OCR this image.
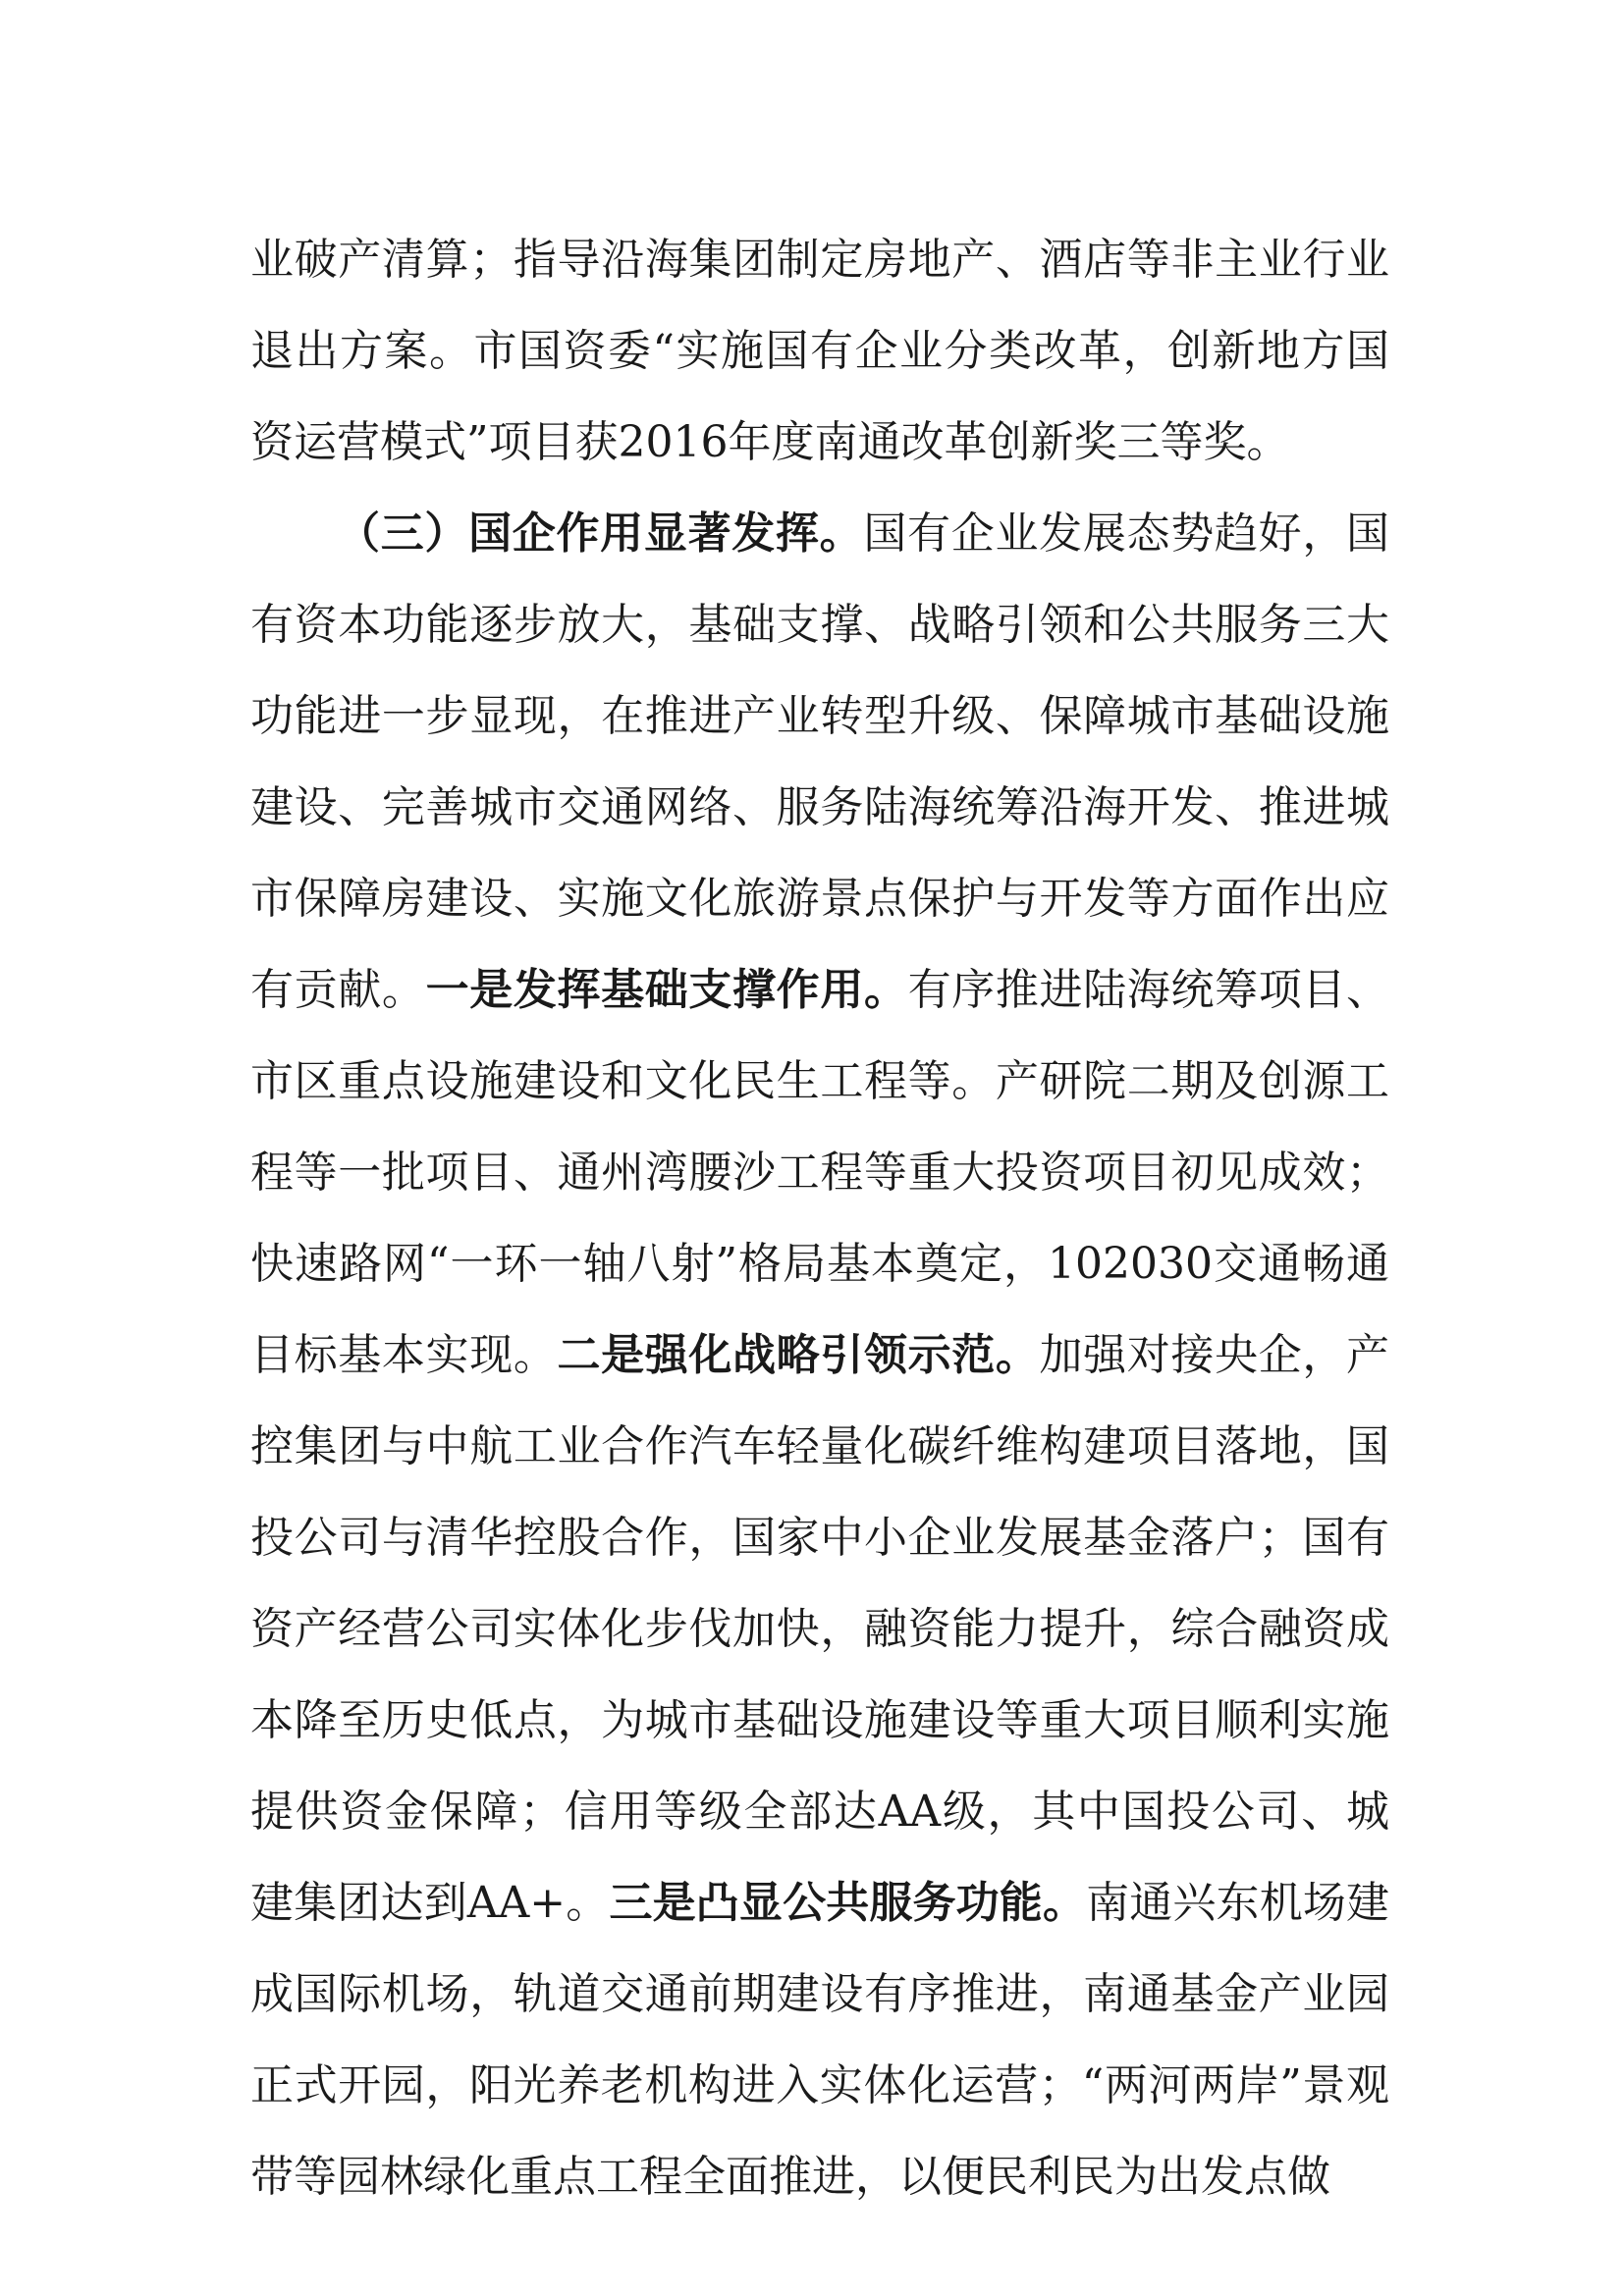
业破产清算；指导沿海集团制定房地产、酒店等非主业行业退出方案。市国资委“实施国有企业分类改革，创新地方国资运营模式”项目获2016年度南通改革创新奖三等奖。

（三）国企作用显著发挥。国有企业发展态势趋好，国有资本功能逐步放大，基础支撑、战略引领和公共服务三大功能进一步显现，在推进产业转型升级、保障城市基础设施建设、完善城市交通网络、服务陆海统筹沿海开发、推进城市保障房建设、实施文化旅游景点保护与开发等方面作出应有贡献。一是发挥基础支撑作用。有序推进陆海统筹项目、市区重点设施建设和文化民生工程等。产研院二期及创源工程等一批项目、通州湾腰沙工程等重大投资项目初见成效；快速路网“一环一轴八射”格局基本奠定，102030交通畅通目标基本实现。二是强化战略引领示范。加强对接央企，产控集团与中航工业合作汽车轻量化碳纤维构建项目落地，国投公司与清华控股合作，国家中小企业发展基金落户；国有资产经营公司实体化步伐加快，融资能力提升，综合融资成本降至历史低点，为城市基础设施建设等重大项目顺利实施提供资金保障；信用等级全部达AA级，其中国投公司、城建集团达到AA+。三是凸显公共服务功能。南通兴东机场建成国际机场，轨道交通前期建设有序推进，南通基金产业园正式开园，阳光养老机构进入实体化运营；“两河两岸”景观带等园林绿化重点工程全面推进，以便民利民为出发点做
